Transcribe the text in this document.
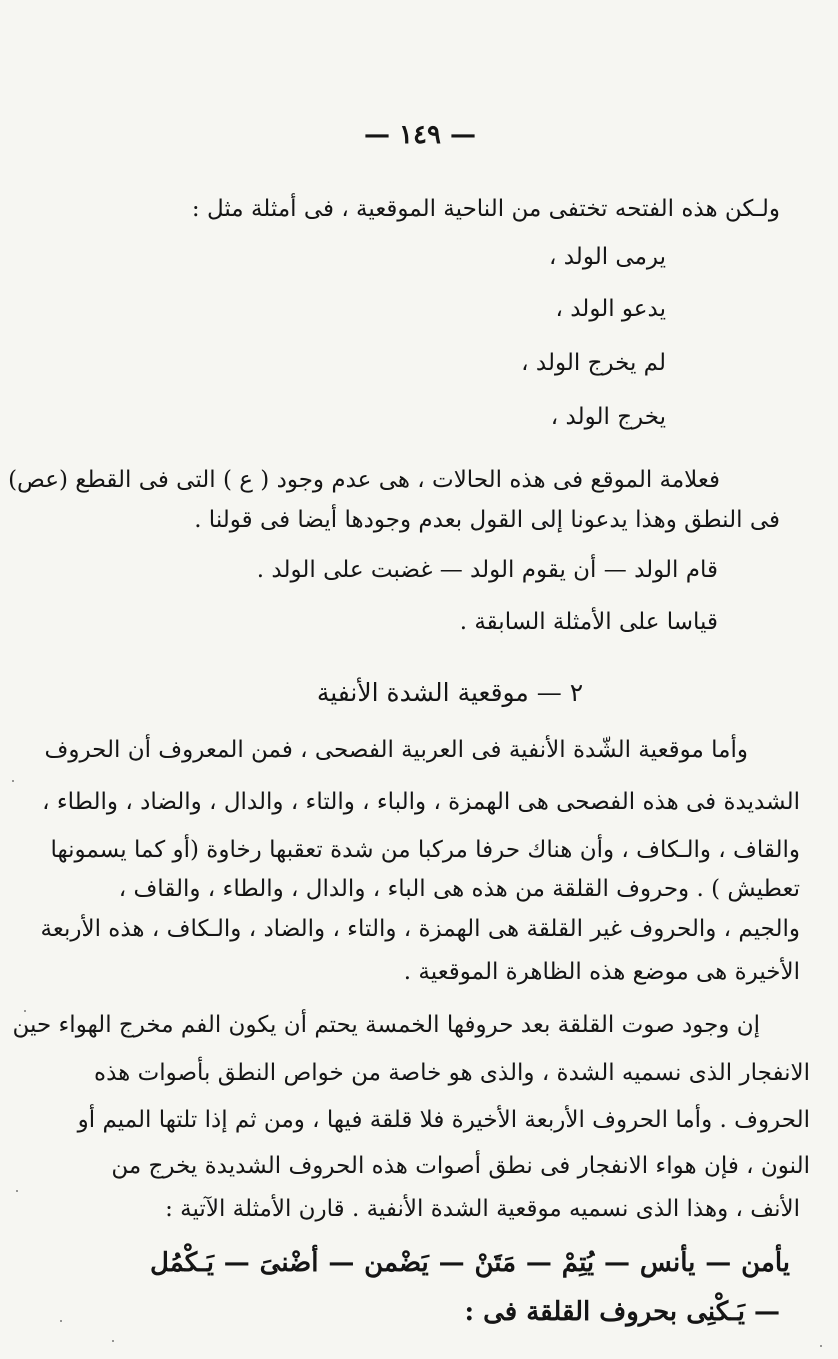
— ١٤٩ —
ولـكن هذه الفتحه تختفى من الناحية الموقعية ، فى أمثلة مثل :
يرمى الولد ،
يدعو الولد ،
لم يخرج الولد ،
يخرج الولد ،
فعلامة الموقع فى هذه الحالات ، هى عدم وجود ( ع ) التى فى القطع (عص)
فى النطق وهذا يدعونا إلى القول بعدم وجودها أيضا فى قولنا .
قام الولد — أن يقوم الولد — غضبت على الولد .
قياسا على الأمثلة السابقة .
٢ — موقعية الشدة الأنفية
وأما موقعية الشّدة الأنفية فى العربية الفصحى ، فمن المعروف أن الحروف
الشديدة فى هذه الفصحى هى الهمزة ، والباء ، والتاء ، والدال ، والضاد ، والطاء ،
والقاف ، والـكاف ، وأن هناك حرفا مركبا من شدة تعقبها رخاوة (أو كما يسمونها
تعطيش ) . وحروف القلقة من هذه هى الباء ، والدال ، والطاء ، والقاف ،
والجيم ، والحروف غير القلقة هى الهمزة ، والتاء ، والضاد ، والـكاف ، هذه الأربعة
الأخيرة هى موضع هذه الظاهرة الموقعية .
إن وجود صوت القلقة بعد حروفها الخمسة يحتم أن يكون الفم مخرج الهواء حين
الانفجار الذى نسميه الشدة ، والذى هو خاصة من خواص النطق بأصوات هذه
الحروف . وأما الحروف الأربعة الأخيرة فلا قلقة فيها ، ومن ثم إذا تلتها الميم أو
النون ، فإن هواء الانفجار فى نطق أصوات هذه الحروف الشديدة يخرج من
الأنف ، وهذا الذى نسميه موقعية الشدة الأنفية . قارن الأمثلة الآتية :
يأمن — يأنس — يُتِمْ — مَتَنْ — يَضْمن — أضْنىَ — يَـكْمُل
— يَـكْنِى بحروف القلقة فى :
